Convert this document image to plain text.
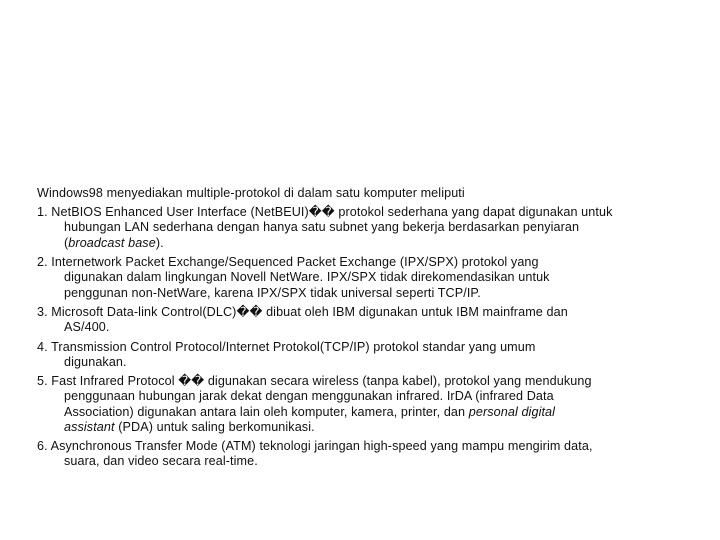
Windows98 menyediakan multiple-protokol di dalam satu komputer meliputi

1. NetBIOS Enhanced User Interface (NetBEUI)�� protokol sederhana yang dapat digunakan untuk

hubungan LAN sederhana dengan hanya satu subnet yang bekerja berdasarkan penyiaran

(broadcast base).

2. Internetwork Packet Exchange/Sequenced Packet Exchange (IPX/SPX) protokol yang

digunakan dalam lingkungan Novell NetWare. IPX/SPX tidak direkomendasikan untuk

penggunan non-NetWare, karena IPX/SPX tidak universal seperti TCP/IP.

3. Microsoft Data-link Control(DLC)�� dibuat oleh IBM digunakan untuk IBM mainframe dan

AS/400.

4. Transmission Control Protocol/Internet Protokol(TCP/IP) protokol standar yang umum

digunakan.

5. Fast Infrared Protocol �� digunakan secara wireless (tanpa kabel), protokol yang mendukung

penggunaan hubungan jarak dekat dengan menggunakan infrared. IrDA (infrared Data

Association) digunakan antara lain oleh komputer, kamera, printer, dan personal digital

assistant (PDA) untuk saling berkomunikasi.

6. Asynchronous Transfer Mode (ATM) teknologi jaringan high-speed yang mampu mengirim data,

suara, dan video secara real-time.
